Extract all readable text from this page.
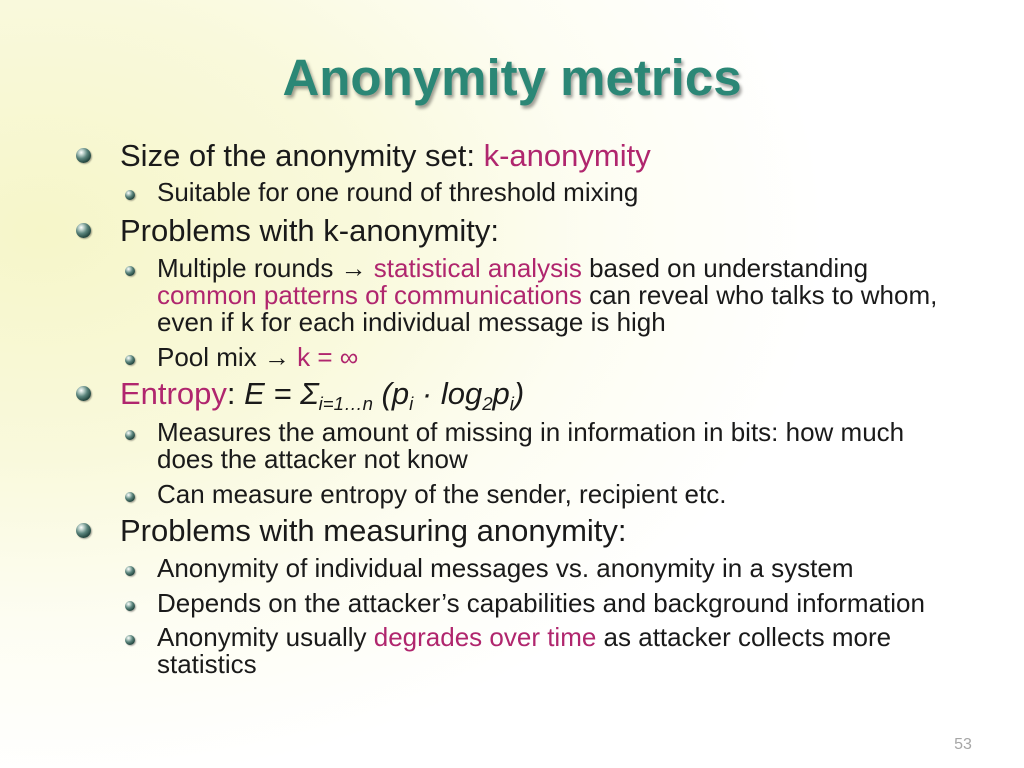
Anonymity metrics
Size of the anonymity set: k-anonymity
Suitable for one round of threshold mixing
Problems with k-anonymity:
Multiple rounds → statistical analysis based on understanding
common patterns of communications can reveal who talks to whom,
even if k for each individual message is high
Pool mix → k = ∞
Entropy: E = Σi=1…n (pi · log2pi)
Measures the amount of missing in information in bits: how much
does the attacker not know
Can measure entropy of the sender, recipient etc.
Problems with measuring anonymity:
Anonymity of individual messages vs. anonymity in a system
Depends on the attacker’s capabilities and background information
Anonymity usually degrades over time as attacker collects more
statistics
53
